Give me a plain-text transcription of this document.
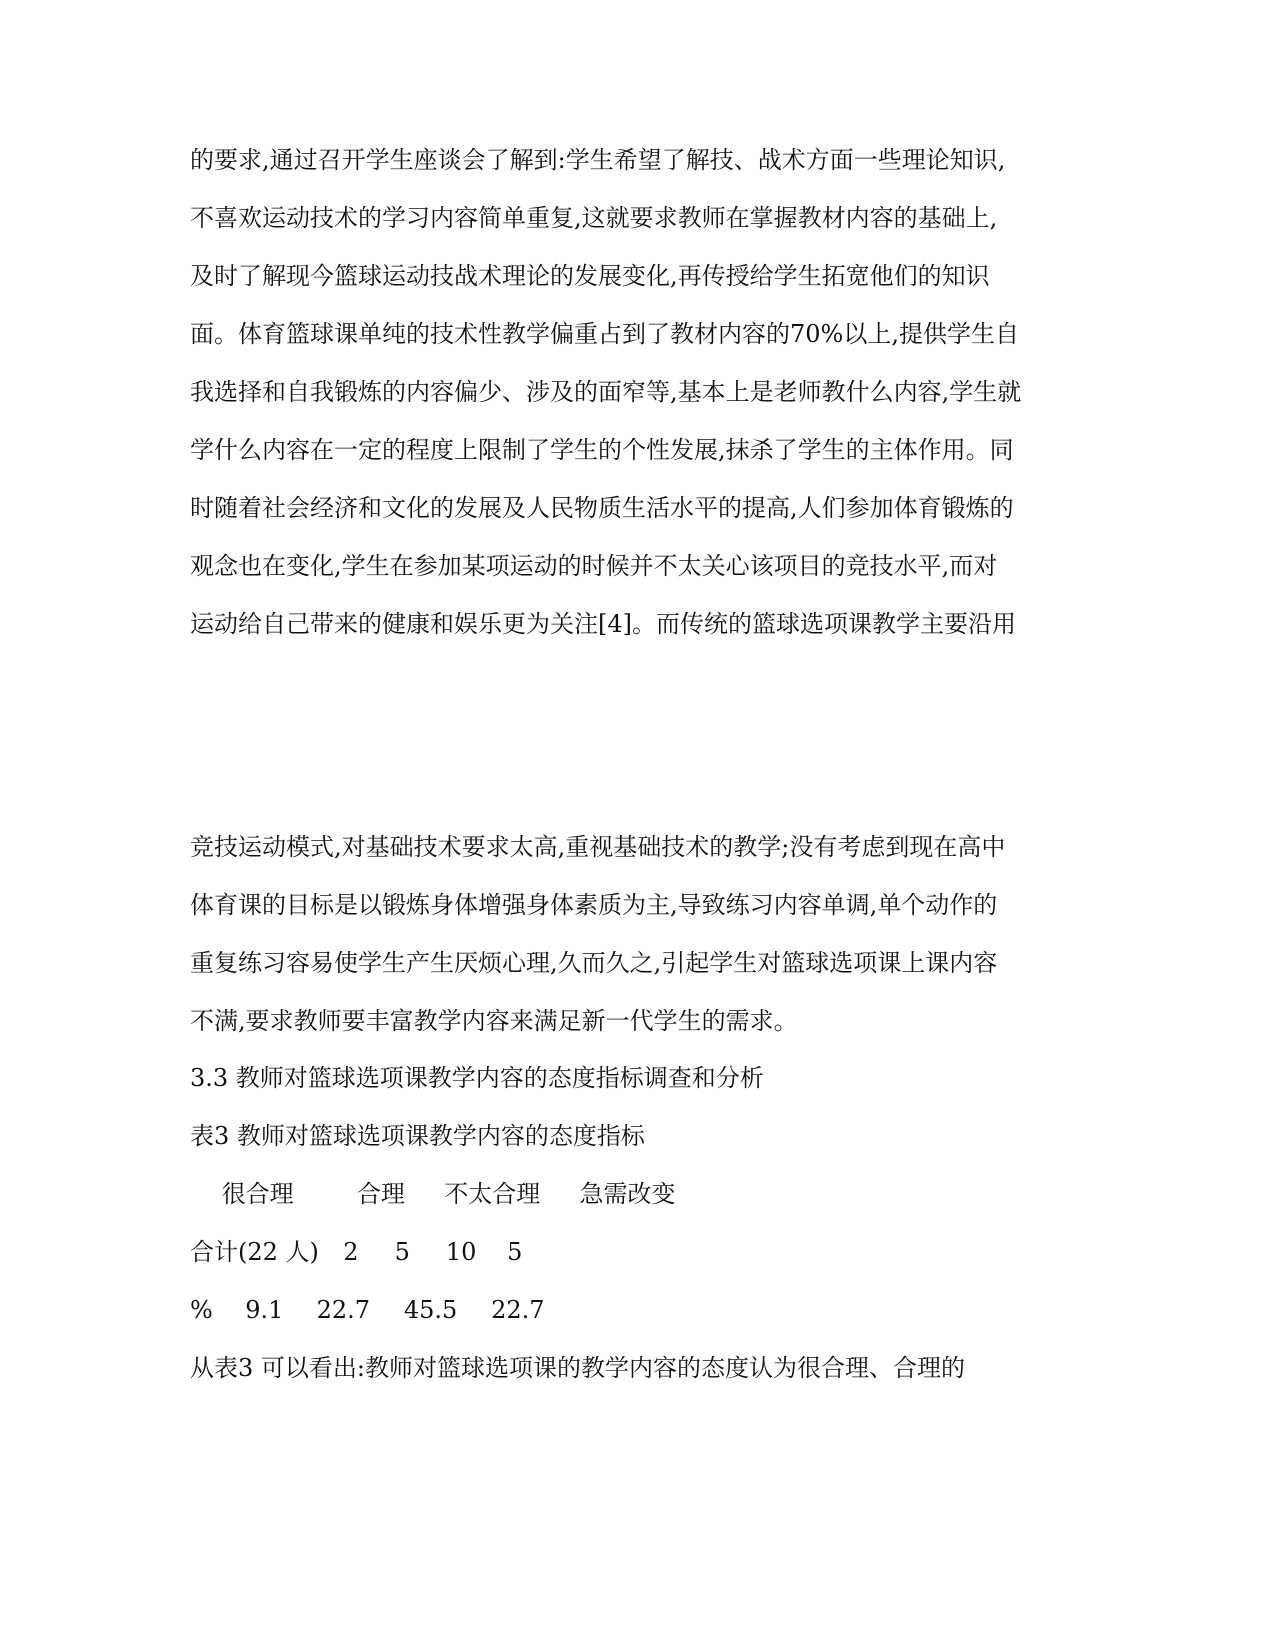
的要求,通过召开学生座谈会了解到:学生希望了解技、战术方面一些理论知识,
不喜欢运动技术的学习内容简单重复,这就要求教师在掌握教材内容的基础上,
及时了解现今篮球运动技战术理论的发展变化,再传授给学生拓宽他们的知识
面。体育篮球课单纯的技术性教学偏重占到了教材内容的70%以上,提供学生自
我选择和自我锻炼的内容偏少、涉及的面窄等,基本上是老师教什么内容,学生就
学什么内容在一定的程度上限制了学生的个性发展,抹杀了学生的主体作用。同
时随着社会经济和文化的发展及人民物质生活水平的提高,人们参加体育锻炼的
观念也在变化,学生在参加某项运动的时候并不太关心该项目的竞技水平,而对
运动给自己带来的健康和娱乐更为关注[4]。而传统的篮球选项课教学主要沿用
竞技运动模式,对基础技术要求太高,重视基础技术的教学;没有考虑到现在高中
体育课的目标是以锻炼身体增强身体素质为主,导致练习内容单调,单个动作的
重复练习容易使学生产生厌烦心理,久而久之,引起学生对篮球选项课上课内容
不满,要求教师要丰富教学内容来满足新一代学生的需求。
3.3 教师对篮球选项课教学内容的态度指标调查和分析
表3 教师对篮球选项课教学内容的态度指标
很合理	合理 不太合理 急需改变
合计(22 人) 2 5 10 5
% 9.1 22.7 45.5 22.7
从表3 可以看出:教师对篮球选项课的教学内容的态度认为很合理、合理的
